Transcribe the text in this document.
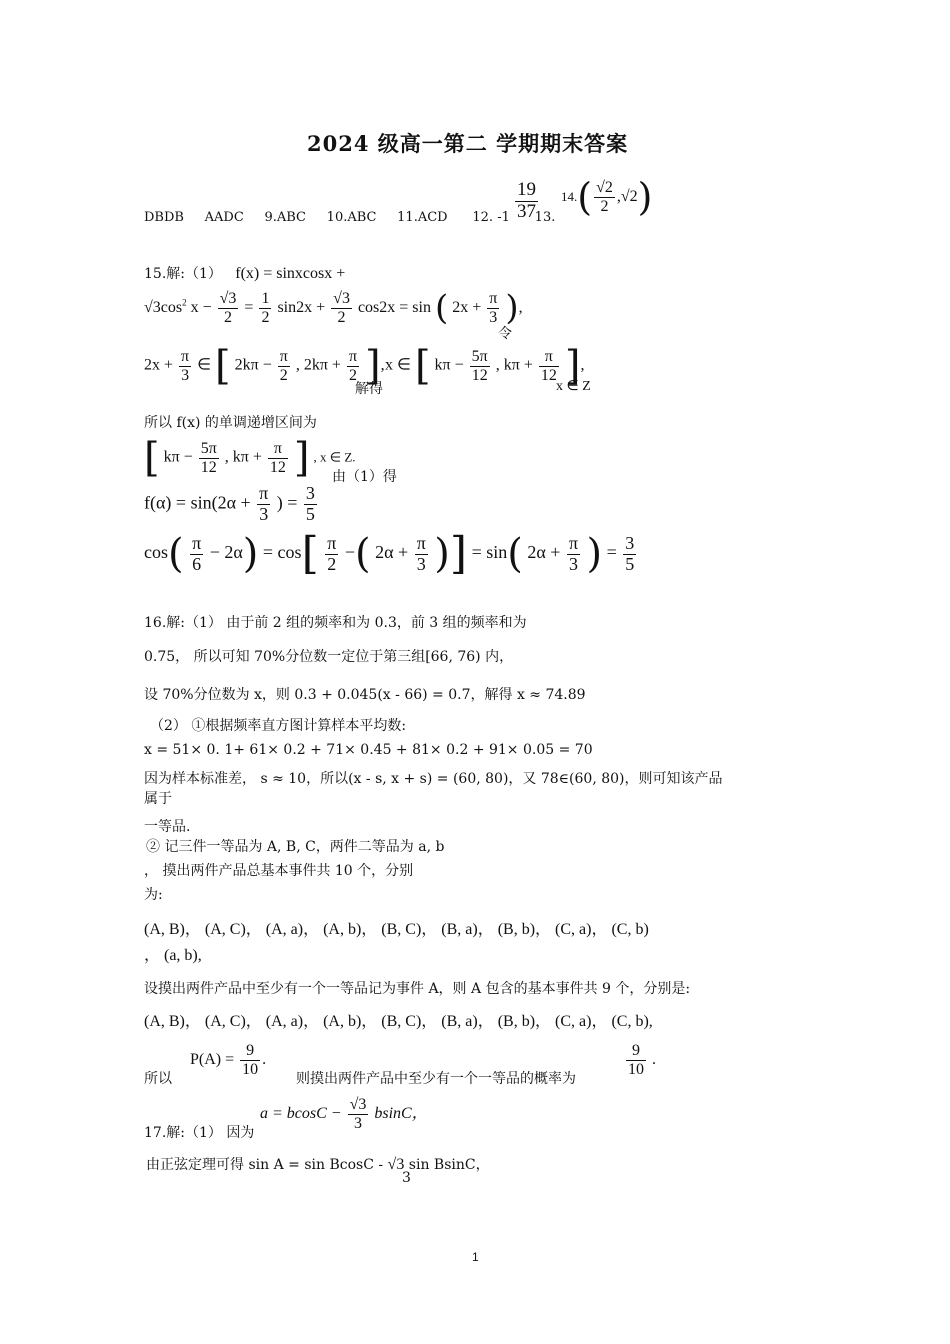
2024 级高一第二 学期期末答案
DBDB AADC 9.ABC 10.ABC 11.ACD 12. -1 13.
$\frac{19}{37} 14.( \frac{√2}{2} ,√2)$
15.解:（1） f(x) = sinxcosx +
$√3\cos^2$ $x - \frac{√3}{2} = \frac{1}{2} \sin 2x + \frac{√3}{2} \cos 2x = \sin$ ( $2x + \frac{\pi}{3}$ ),
令
$2x + \frac{\pi}{3}$ ∈ [ $2k\pi - \frac{\pi}{2}$ , $2k\pi + \frac{\pi}{2}$ ],
解得
x ∈ [ $k\pi - \frac{5\pi}{12}$ , $k\pi + \frac{\pi}{12}$ ],
x ∈ Z
所以 f(x) 的单调递增区间为
[ $k\pi - \frac{5\pi}{12}$ , $k\pi + \frac{\pi}{12}$ ] , x ∈ Z.
由（1）得
$f(\alpha) = \sin(2\alpha + \frac{\pi}{3}$ ) = $\frac{3}{5}$
$\cos( \frac{\pi}{6} - 2\alpha) = \cos[ \frac{\pi}{2}$ −( $2\alpha + \frac{\pi}{3}$ )] = sin( $2\alpha + \frac{\pi}{3}$ ) = $\frac{3}{5}$
16.解:（1） 由于前 2 组的频率和为 0.3，前 3 组的频率和为
0.75， 所以可知 70%分位数一定位于第三组[66, 76) 内，
设 70%分位数为 x，则 0.3 + 0.045(x - 66) = 0.7，解得 x ≈ 74.89
（2） ①根据频率直方图计算样本平均数:
x = 51× 0. 1+ 61× 0.2 + 71× 0.45 + 81× 0.2 + 91× 0.05 = 70
因为样本标准差， s ≈ 10，所以(x - s, x + s) = (60, 80)，又 78∈(60, 80)，则可知该产品
属于
一等品.
② 记三件一等品为 A, B, C，两件二等品为 a, b
， 摸出两件产品总基本事件共 10 个，分别
为:
(A, B)， (A, C)， (A, a)， (A, b)， (B, C)， (B, a)， (B, b)， (C, a)， (C, b)
， (a, b),
设摸出两件产品中至少有一个一等品记为事件 A，则 A 包含的基本事件共 9 个，分别是:
(A, B)， (A, C)， (A, a)， (A, b)， (B, C)， (B, a)， (B, b)， (C, a)， (C, b),
所以
$P(A) = \frac{9}{10}$ .
则摸出两件产品中至少有一个一等品的概率为
$\frac{9}{10}$ .
17.解:（1） 因为
$a = bcosC - \frac{√3}{3}$ bsinC，
由正弦定理可得 sin A = sin BcosC - √3 sin BsinC，
3
1
